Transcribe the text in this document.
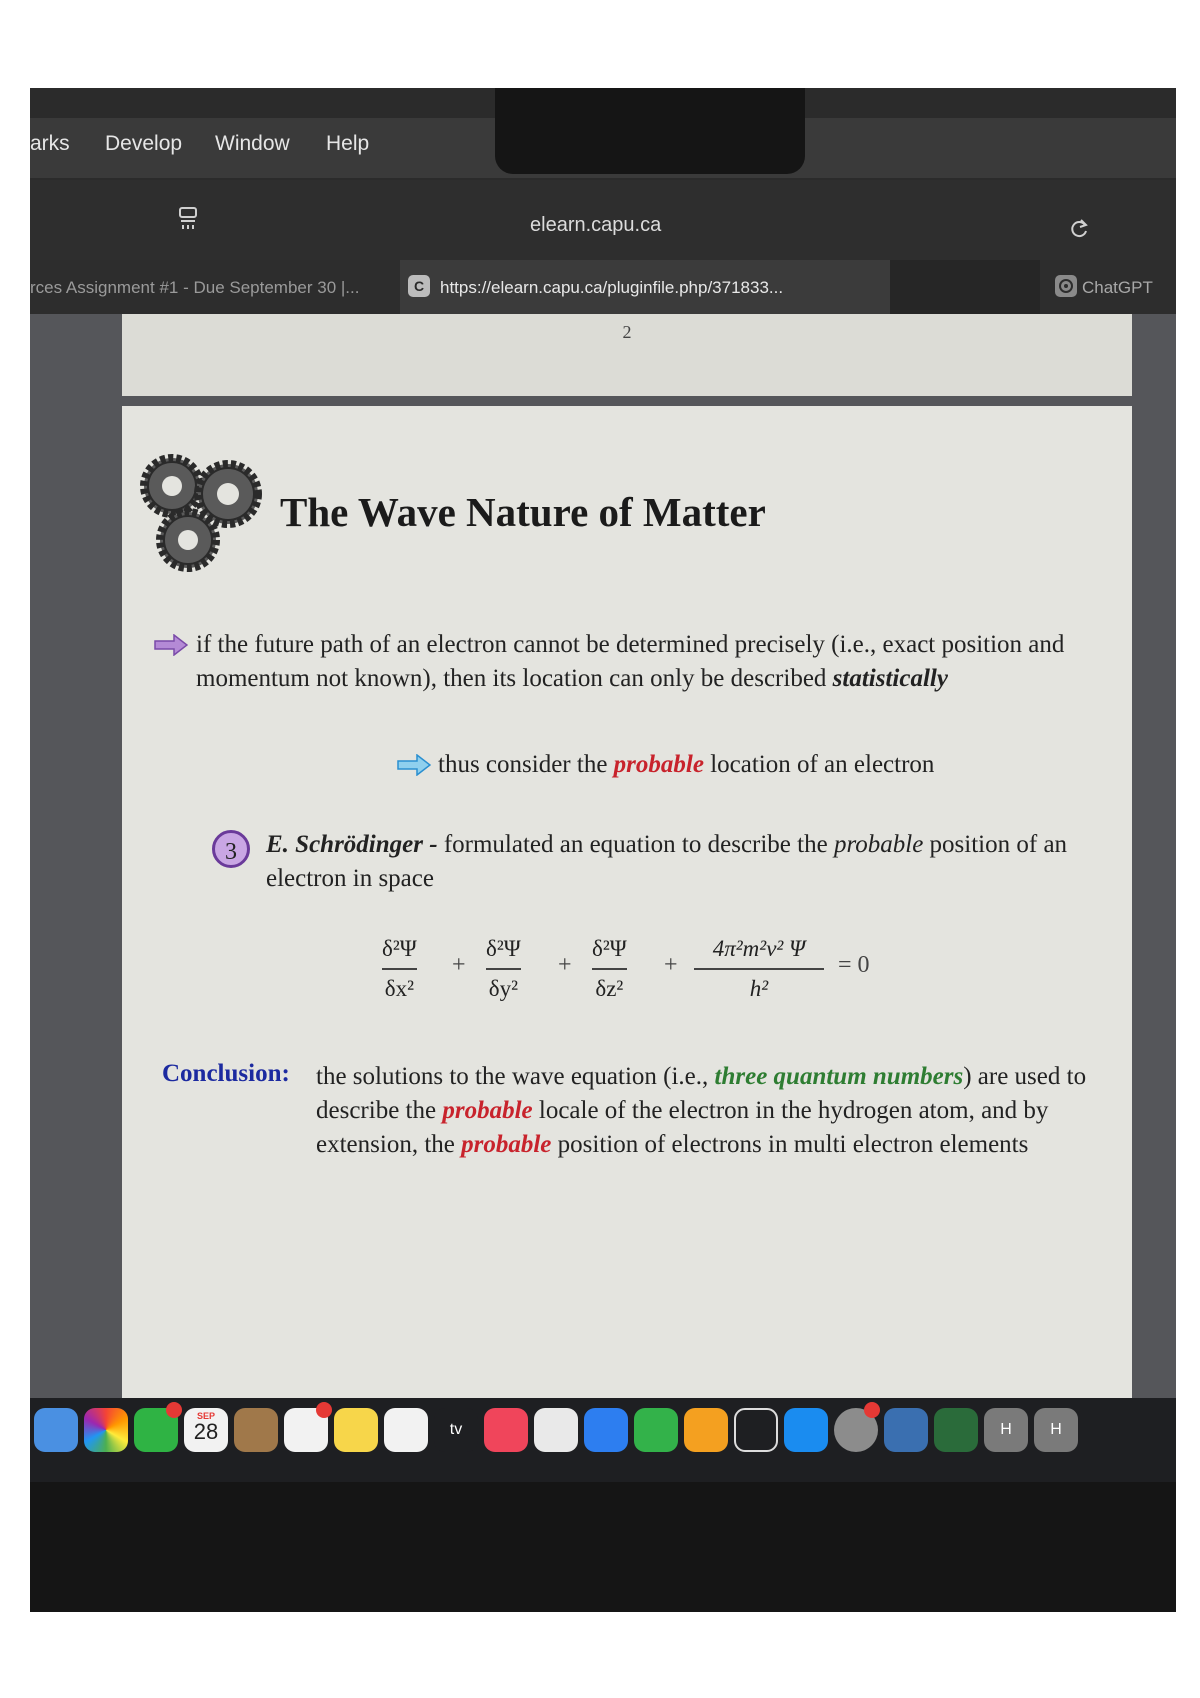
arks Develop Window Help
elearn.capu.ca
rces Assignment #1 - Due September 30 |...	C https://elearn.capu.ca/pluginfile.php/371833...	ChatGPT
2
The Wave Nature of Matter
if the future path of an electron cannot be determined precisely (i.e., exact position and momentum not known), then its location can only be described statistically
thus consider the probable location of an electron
3	E. Schrödinger - formulated an equation to describe the probable position of an electron in space
$\frac{\text{δ²Ψ}}{\text{δx²}} + \frac{\text{δ²Ψ}}{\text{δy²}} + \frac{\text{δ²Ψ}}{\text{δz²}} + \frac{\text{4π²m²v² Ψ}}{\text{h²}} = 0$
Conclusion: the solutions to the wave equation (i.e., three quantum numbers) are used to describe the probable locale of the electron in the hydrogen atom, and by extension, the probable position of electrons in multi electron elements
SEP
28	tv	H	H
